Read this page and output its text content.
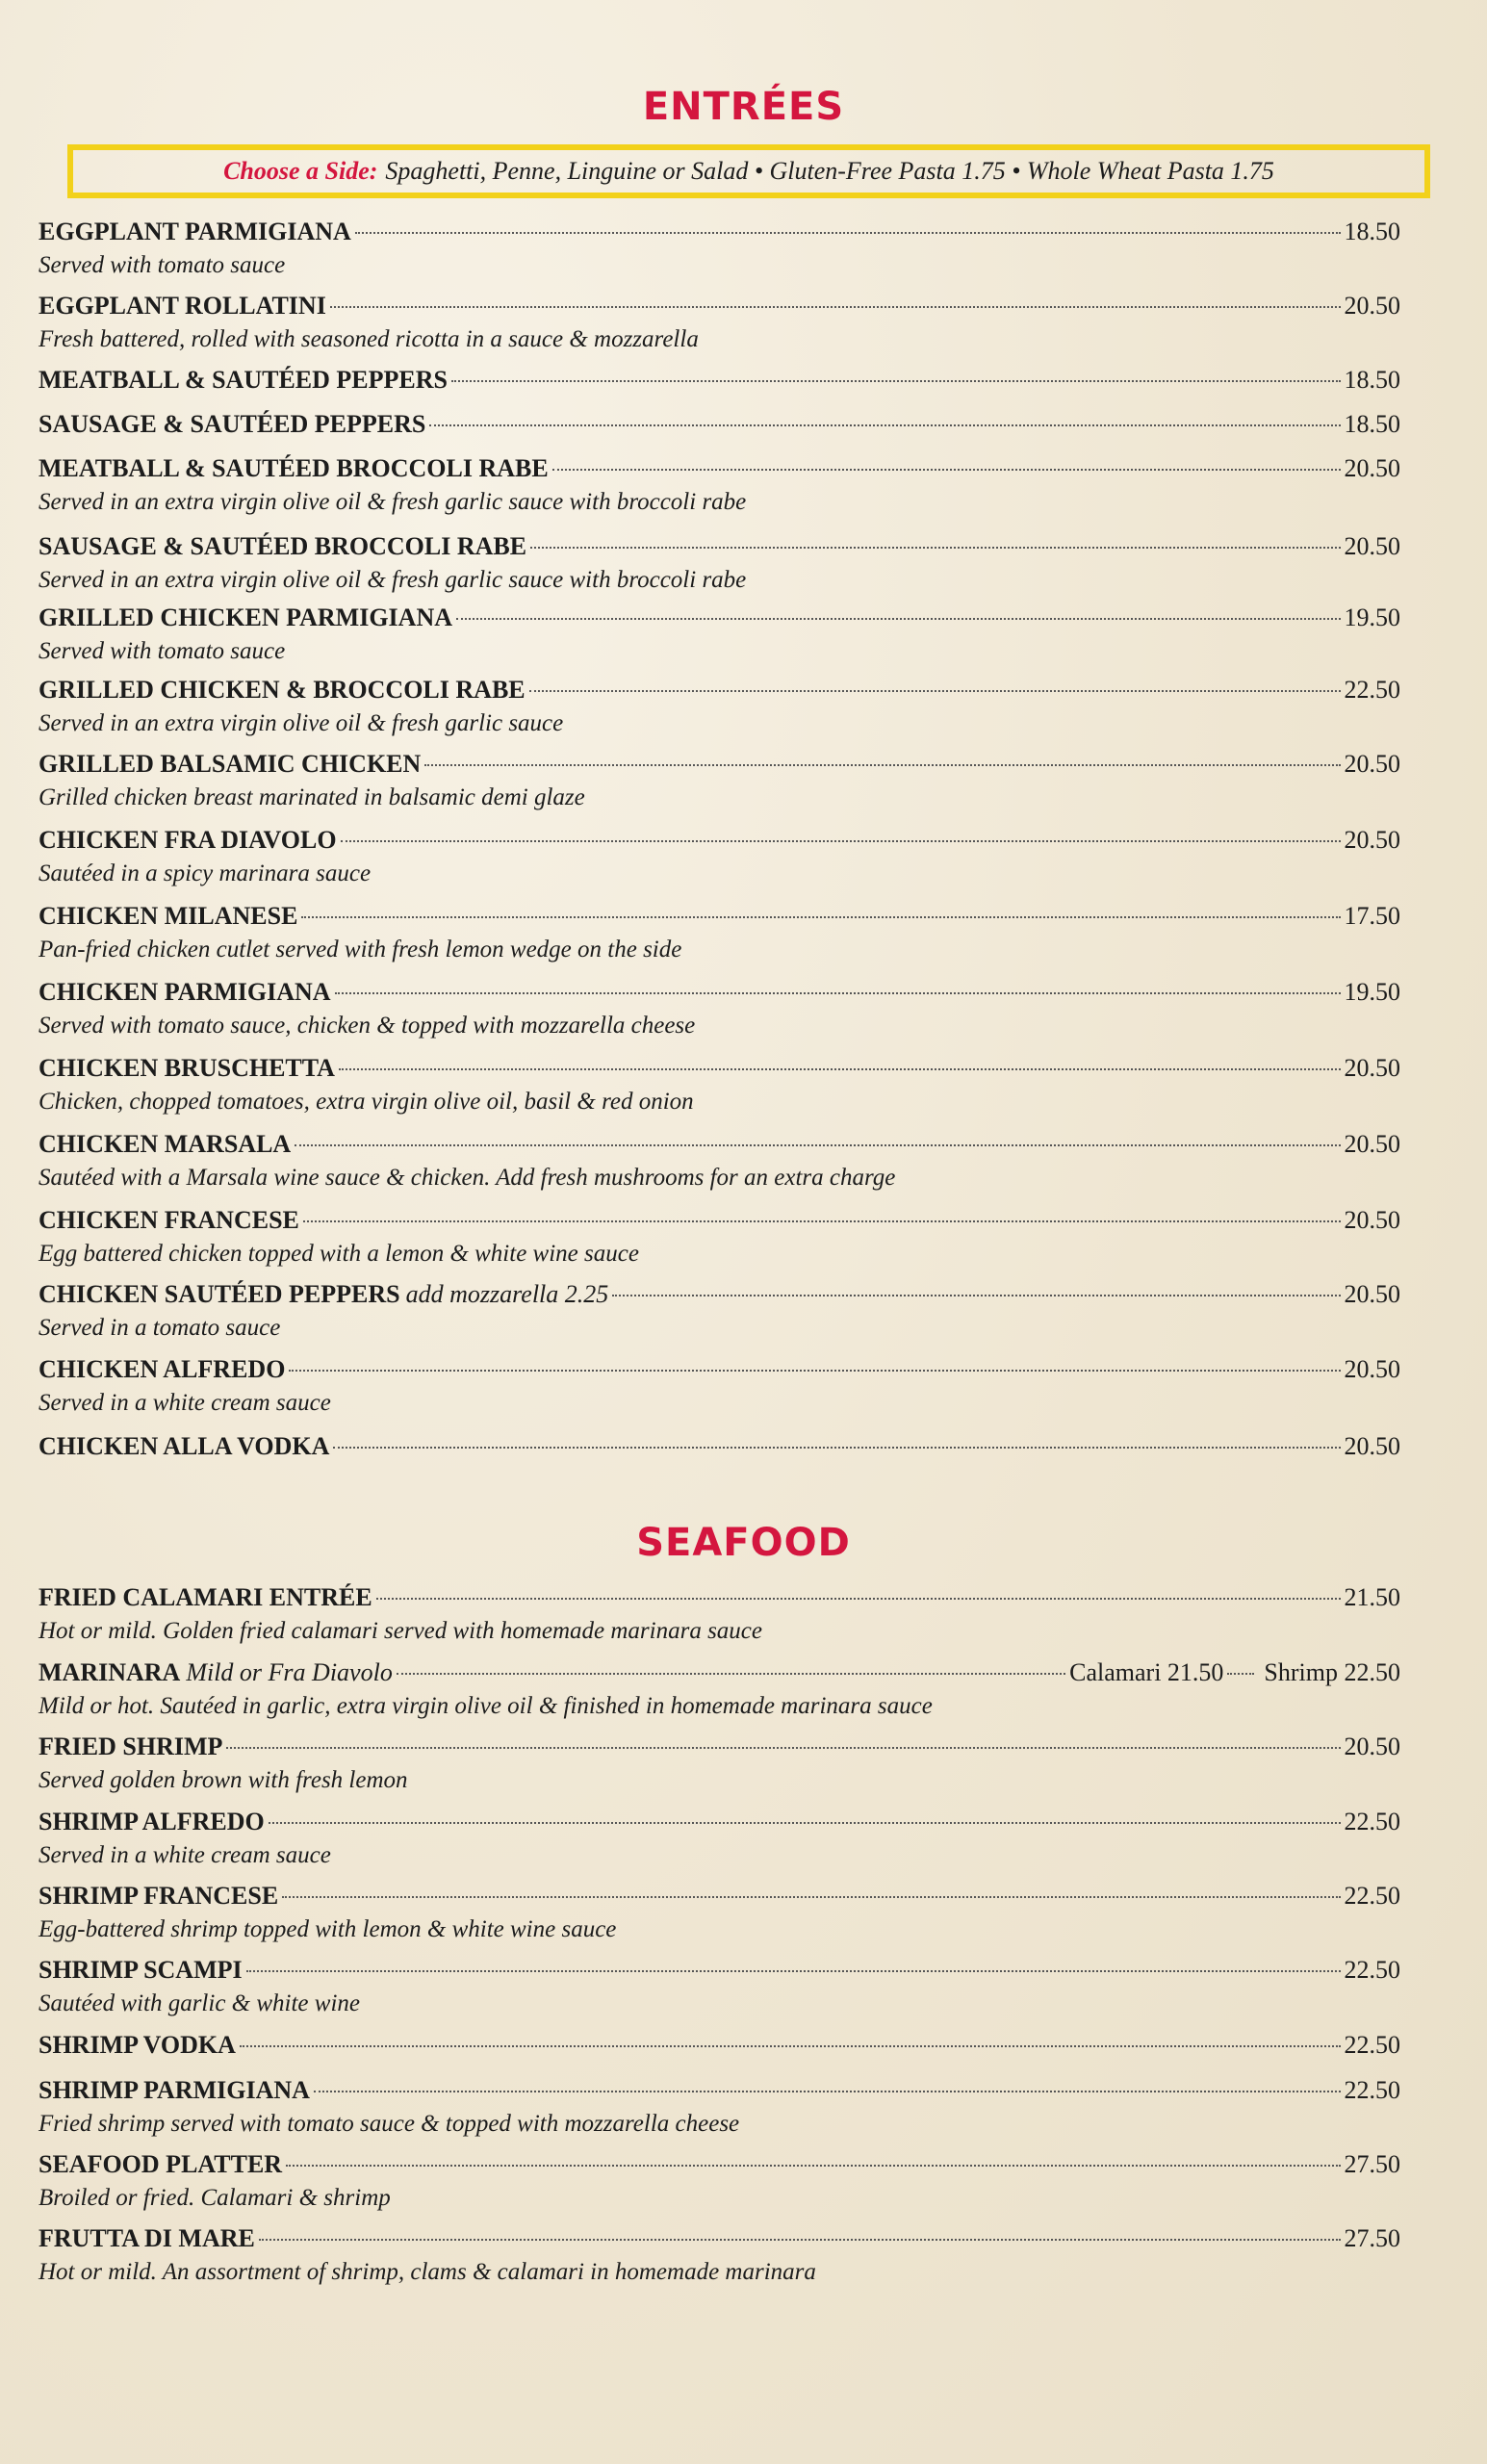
ENTRÉES
Choose a Side: Spaghetti, Penne, Linguine or Salad • Gluten-Free Pasta 1.75 • Whole Wheat Pasta 1.75
EGGPLANT PARMIGIANA	18.50
Served with tomato sauce
EGGPLANT ROLLATINI	20.50
Fresh battered, rolled with seasoned ricotta in a sauce & mozzarella
MEATBALL & SAUTÉED PEPPERS	18.50
SAUSAGE & SAUTÉED PEPPERS	18.50
MEATBALL & SAUTÉED BROCCOLI RABE	20.50
Served in an extra virgin olive oil & fresh garlic sauce with broccoli rabe
SAUSAGE & SAUTÉED BROCCOLI RABE	20.50
Served in an extra virgin olive oil & fresh garlic sauce with broccoli rabe
GRILLED CHICKEN PARMIGIANA	19.50
Served with tomato sauce
GRILLED CHICKEN & BROCCOLI RABE	22.50
Served in an extra virgin olive oil & fresh garlic sauce
GRILLED BALSAMIC CHICKEN	20.50
Grilled chicken breast marinated in balsamic demi glaze
CHICKEN FRA DIAVOLO	20.50
Sautéed in a spicy marinara sauce
CHICKEN MILANESE	17.50
Pan-fried chicken cutlet served with fresh lemon wedge on the side
CHICKEN PARMIGIANA	19.50
Served with tomato sauce, chicken & topped with mozzarella cheese
CHICKEN BRUSCHETTA	20.50
Chicken, chopped tomatoes, extra virgin olive oil, basil & red onion
CHICKEN MARSALA	20.50
Sautéed with a Marsala wine sauce & chicken. Add fresh mushrooms for an extra charge
CHICKEN FRANCESE	20.50
Egg battered chicken topped with a lemon & white wine sauce
CHICKEN SAUTÉED PEPPERS add mozzarella 2.25	20.50
Served in a tomato sauce
CHICKEN ALFREDO	20.50
Served in a white cream sauce
CHICKEN ALLA VODKA	20.50
SEAFOOD
FRIED CALAMARI ENTRÉE	21.50
Hot or mild. Golden fried calamari served with homemade marinara sauce
MARINARA Mild or Fra Diavolo	Calamari 21.50 Shrimp 22.50
Mild or hot. Sautéed in garlic, extra virgin olive oil & finished in homemade marinara sauce
FRIED SHRIMP	20.50
Served golden brown with fresh lemon
SHRIMP ALFREDO	22.50
Served in a white cream sauce
SHRIMP FRANCESE	22.50
Egg-battered shrimp topped with lemon & white wine sauce
SHRIMP SCAMPI	22.50
Sautéed with garlic & white wine
SHRIMP VODKA	22.50
SHRIMP PARMIGIANA	22.50
Fried shrimp served with tomato sauce & topped with mozzarella cheese
SEAFOOD PLATTER	27.50
Broiled or fried. Calamari & shrimp
FRUTTA DI MARE	27.50
Hot or mild. An assortment of shrimp, clams & calamari in homemade marinara
